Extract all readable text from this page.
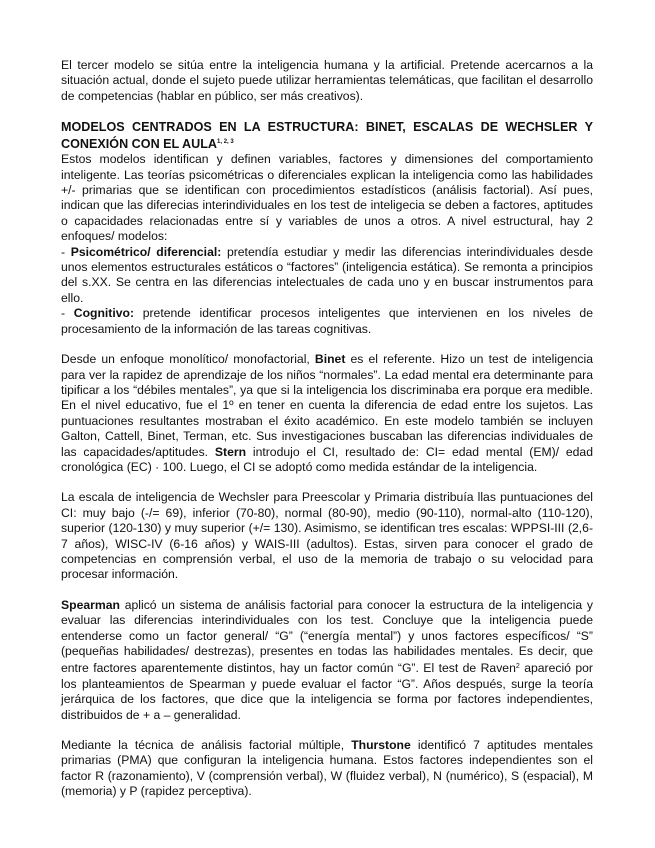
El tercer modelo se sitúa entre la inteligencia humana y la artificial. Pretende acercarnos a la situación actual, donde el sujeto puede utilizar herramientas telemáticas, que facilitan el desarrollo de competencias (hablar en público, ser más creativos).

MODELOS CENTRADOS EN LA ESTRUCTURA: BINET, ESCALAS DE WECHSLER Y CONEXIÓN CON EL AULA$^{1, 2, 3}$

Estos modelos identifican y definen variables, factores y dimensiones del comportamiento inteligente. Las teorías psicométricas o diferenciales explican la inteligencia como las habilidades +/- primarias que se identifican con procedimientos estadísticos (análisis factorial). Así pues, indican que las diferecias interindividuales en los test de inteligecia se deben a factores, aptitudes o capacidades relacionadas entre sí y variables de unos a otros. A nivel estructural, hay 2 enfoques/ modelos:

- Psicométrico/ diferencial: pretendía estudiar y medir las diferencias interindividuales desde unos elementos estructurales estáticos o “factores” (inteligencia estática). Se remonta a principios del s.XX. Se centra en las diferencias intelectuales de cada uno y en buscar instrumentos para ello.

- Cognitivo: pretende identificar procesos inteligentes que intervienen en los niveles de procesamiento de la información de las tareas cognitivas.

Desde un enfoque monolítico/ monofactorial, Binet es el referente. Hizo un test de inteligencia para ver la rapidez de aprendizaje de los niños “normales”. La edad mental era determinante para tipificar a los “débiles mentales”, ya que si la inteligencia los discriminaba era porque era medible. En el nivel educativo, fue el 1º en tener en cuenta la diferencia de edad entre los sujetos. Las puntuaciones resultantes mostraban el éxito académico. En este modelo también se incluyen Galton, Cattell, Binet, Terman, etc. Sus investigaciones buscaban las diferencias individuales de las capacidades/aptitudes. Stern introdujo el CI, resultado de: CI= edad mental (EM)/ edad cronológica (EC) · 100. Luego, el CI se adoptó como medida estándar de la inteligencia.

La escala de inteligencia de Wechsler para Preescolar y Primaria distribuía llas puntuaciones del CI: muy bajo (-/= 69), inferior (70-80), normal (80-90), medio (90-110), normal-alto (110-120), superior (120-130) y muy superior (+/= 130). Asimismo, se identifican tres escalas: WPPSI-III (2,6-7 años), WISC-IV (6-16 años) y WAIS-III (adultos). Estas, sirven para conocer el grado de competencias en comprensión verbal, el uso de la memoria de trabajo o su velocidad para procesar información.

Spearman aplicó un sistema de análisis factorial para conocer la estructura de la inteligencia y evaluar las diferencias interindividuales con los test. Concluye que la inteligencia puede entenderse como un factor general/ “G” (“energía mental”) y unos factores específicos/ “S” (pequeñas habilidades/ destrezas), presentes en todas las habilidades mentales. Es decir, que entre factores aparentemente distintos, hay un factor común “G”. El test de Raven$^2$ apareció por los planteamientos de Spearman y puede evaluar el factor “G”. Años después, surge la teoría jerárquica de los factores, que dice que la inteligencia se forma por factores independientes, distribuidos de + a – generalidad.

Mediante la técnica de análisis factorial múltiple, Thurstone identificó 7 aptitudes mentales primarias (PMA) que configuran la inteligencia humana. Estos factores independientes son el factor R (razonamiento), V (comprensión verbal), W (fluidez verbal), N (numérico), S (espacial), M (memoria) y P (rapidez perceptiva).
